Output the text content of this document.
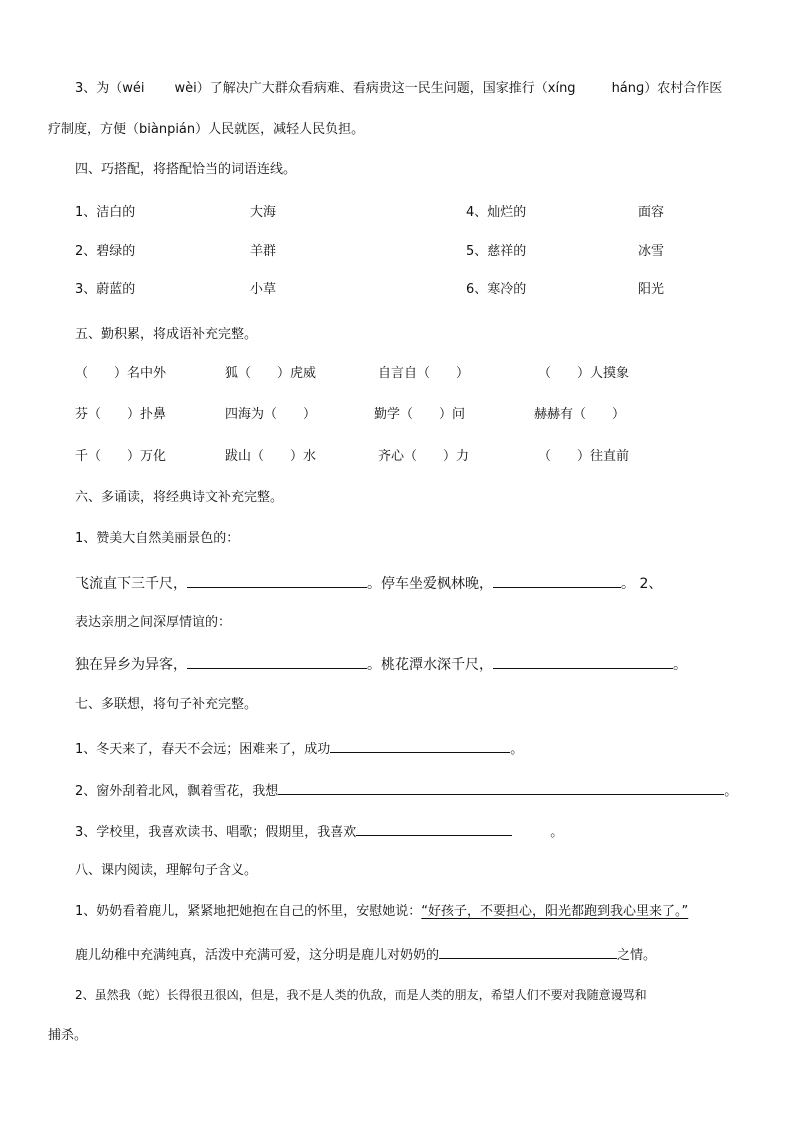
3、为（wéi wèi）了解决广大群众看病难、看病贵这一民生问题，国家推行（xíng	hánɡ）农村合作医
疗制度，方便（biànpián）人民就医，减轻人民负担。
四、巧搭配，将搭配恰当的词语连线。
1、洁白的	大海	4、灿烂的	面容
2、碧绿的	羊群	5、慈祥的	冰雪
3、蔚蓝的	小草	6、寒冷的	阳光
五、勤积累，将成语补充完整。
（　　）名中外	狐（　　）虎威	自言自（　　）	（　　）人摸象
芬（　　）扑鼻	四海为（　　）	勤学（　　）问	赫赫有（　　）
千（　　）万化	跋山（　　）水	齐心（　　）力	（　　）往直前
六、多诵读，将经典诗文补充完整。
1、赞美大自然美丽景色的：
飞流直下三千尺，	。停车坐爱枫林晚，	。 2、
表达亲朋之间深厚情谊的：
独在异乡为异客，	。桃花潭水深千尺，	。
七、多联想，将句子补充完整。
1、冬天来了，春天不会远；困难来了，成功	。
2、窗外刮着北风，飘着雪花，我想	。
3、学校里，我喜欢读书、唱歌；假期里，我喜欢	。
八、课内阅读，理解句子含义。
1、奶奶看着鹿儿，紧紧地把她抱在自己的怀里，安慰她说：“好孩子，不要担心，阳光都跑到我心里来了。”
鹿儿幼稚中充满纯真，活泼中充满可爱，这分明是鹿儿对奶奶的	之情。
2、虽然我（蛇）长得很丑很凶，但是，我不是人类的仇敌，而是人类的朋友，希望人们不要对我随意谩骂和
捕杀。
